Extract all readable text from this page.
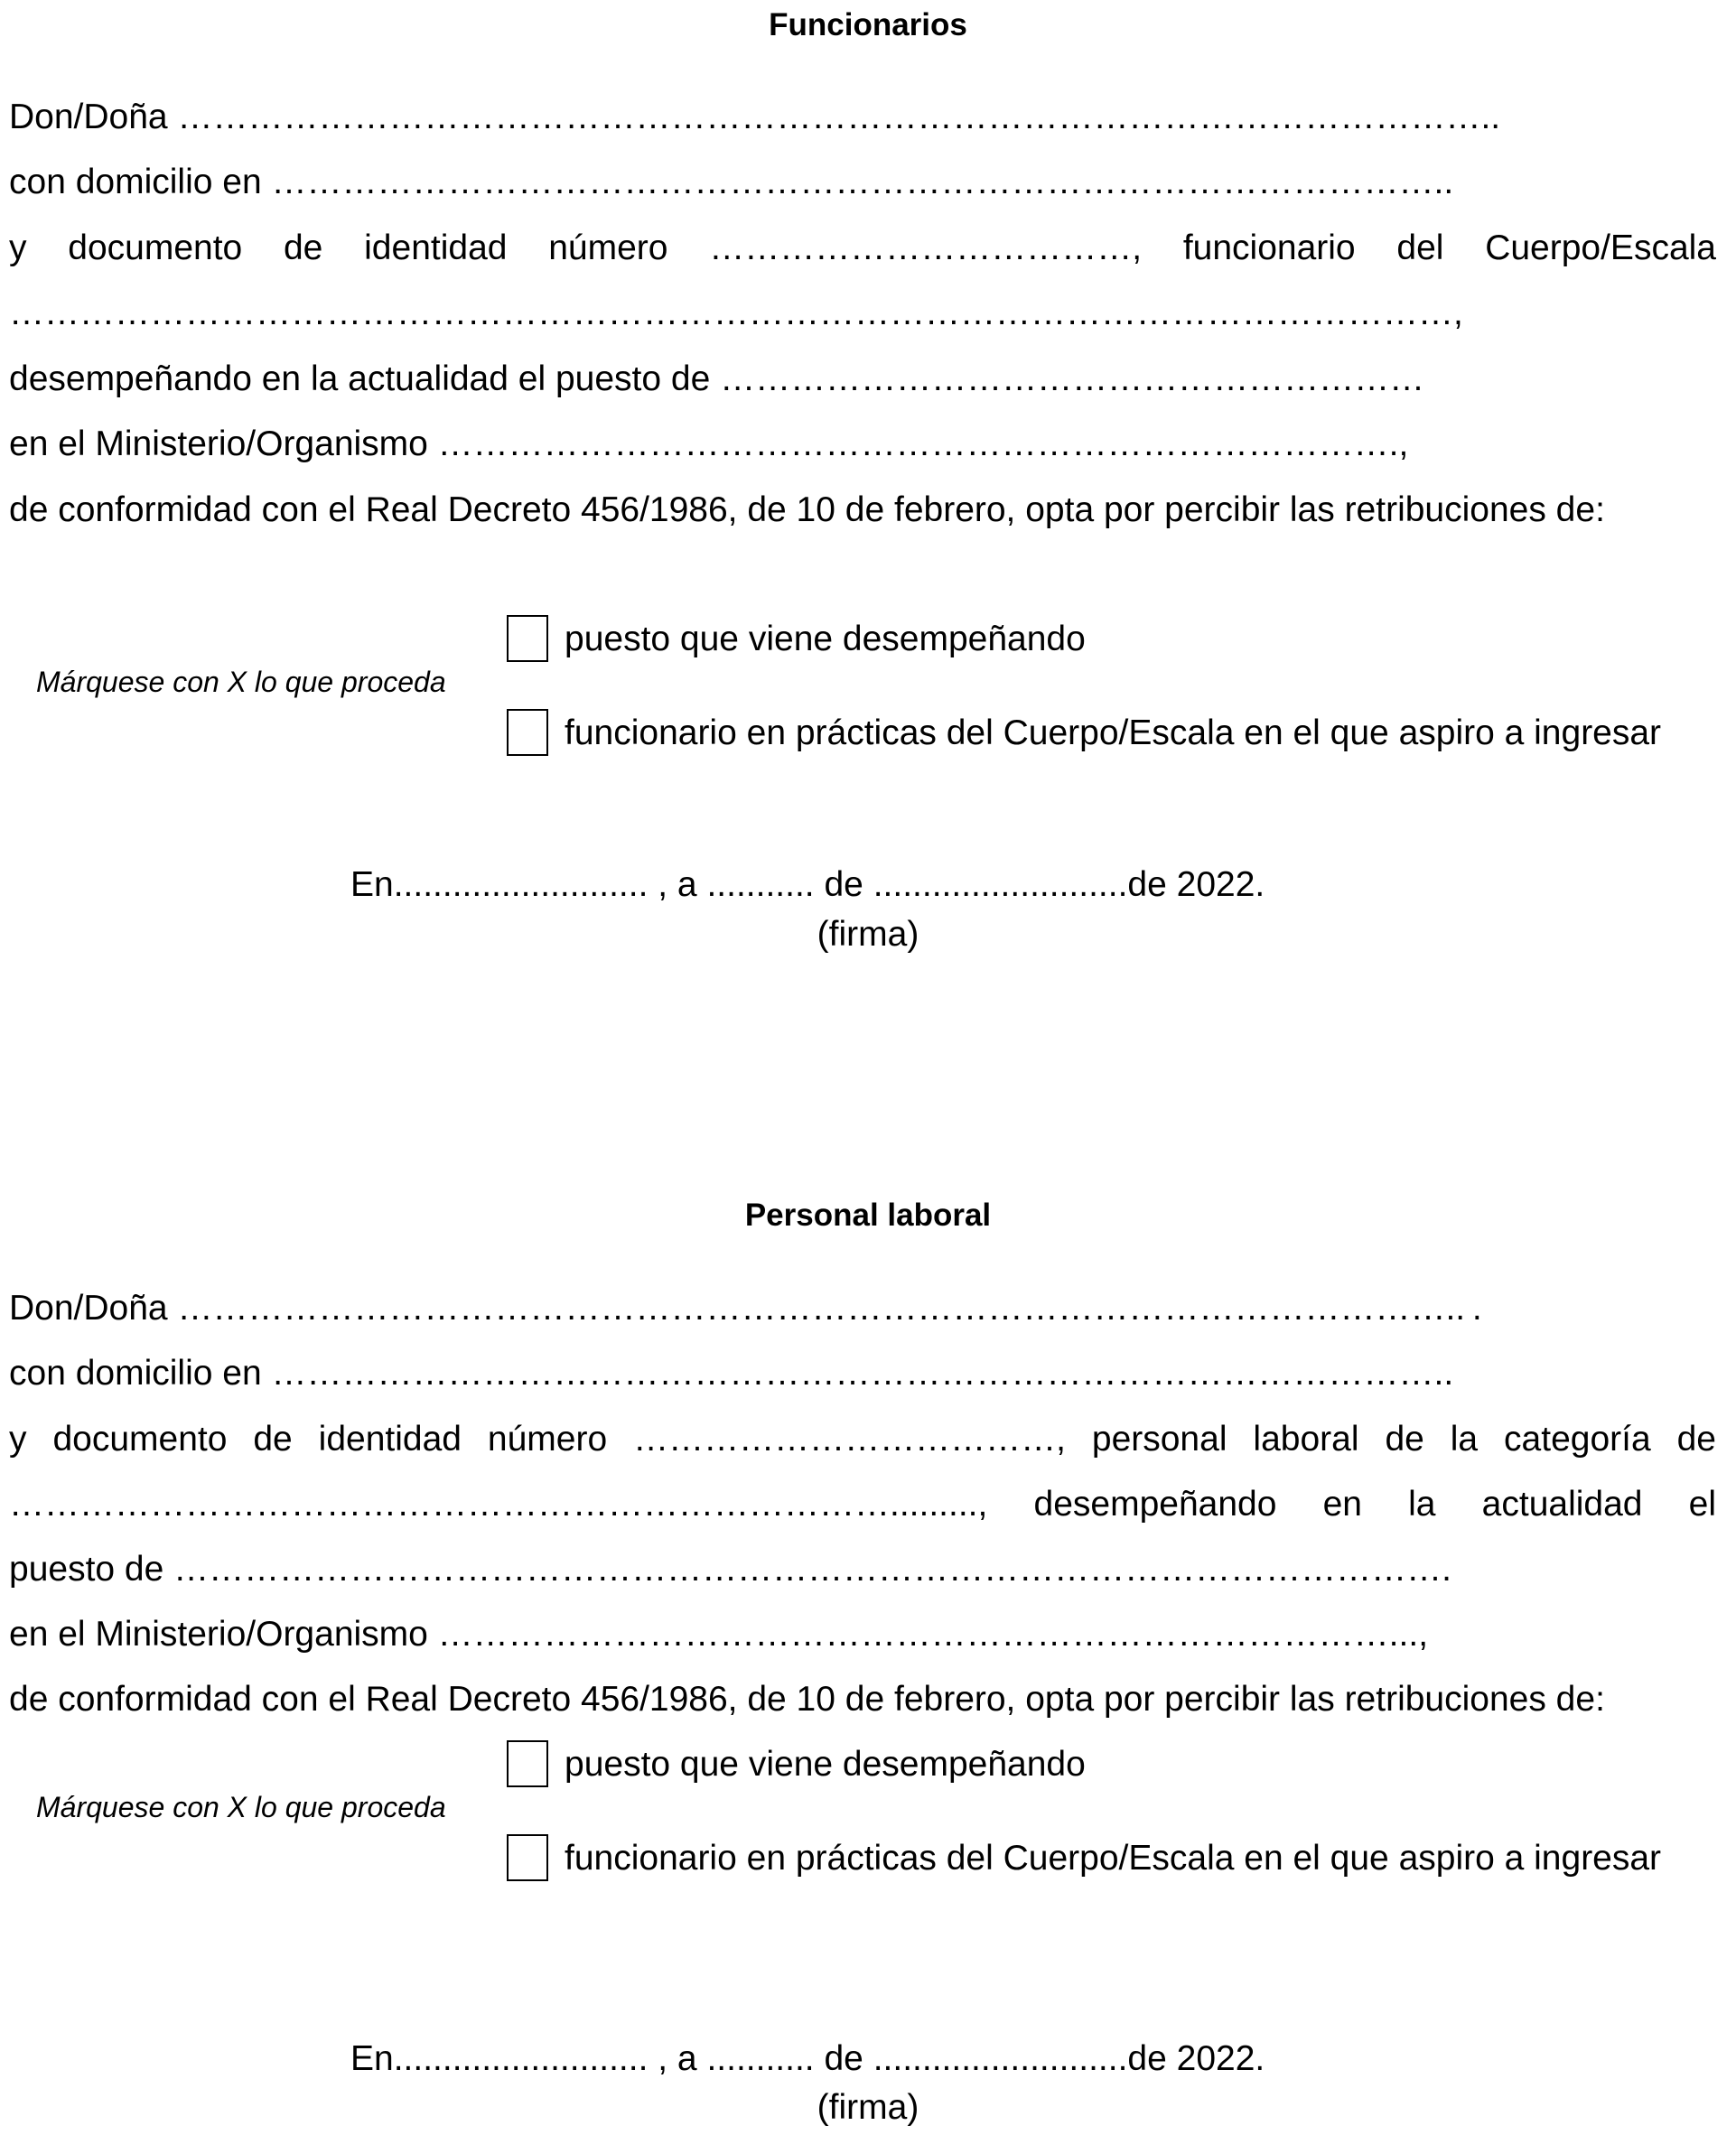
Funcionarios
Don/Doña …………………………………………………………………………………………………..
con domicilio en ………………………………………………………………………………………..
y documento de identidad número ………………………………, funcionario del Cuerpo/Escala
……………………………………………………………………………………………………………,
desempeñando en la actualidad el puesto de ……………………………………………………
en el Ministerio/Organismo ……………………………………………………………………….,
de conformidad con el Real Decreto 456/1986, de 10 de febrero, opta por percibir las retribuciones de:
Márquese con X lo que proceda
puesto que viene desempeñando
funcionario en prácticas del Cuerpo/Escala en el que aspiro a ingresar
En.......................... , a ........... de ..........................de 2022.
(firma)
Personal laboral
Don/Doña ……………………………………………………………………………………………….. .
con domicilio en ………………………………………………………………………………………..
y documento de identidad número ………………………………, personal laboral de la categoría de
…………………………………………………………………........., desempeñando en la actualidad el
puesto de ……………………………………………………………………………………………….
en el Ministerio/Organismo ………………………………………………………………………...,
de conformidad con el Real Decreto 456/1986, de 10 de febrero, opta por percibir las retribuciones de:
Márquese con X lo que proceda
puesto que viene desempeñando
funcionario en prácticas del Cuerpo/Escala en el que aspiro a ingresar
En.......................... , a ........... de ..........................de 2022.
(firma)
